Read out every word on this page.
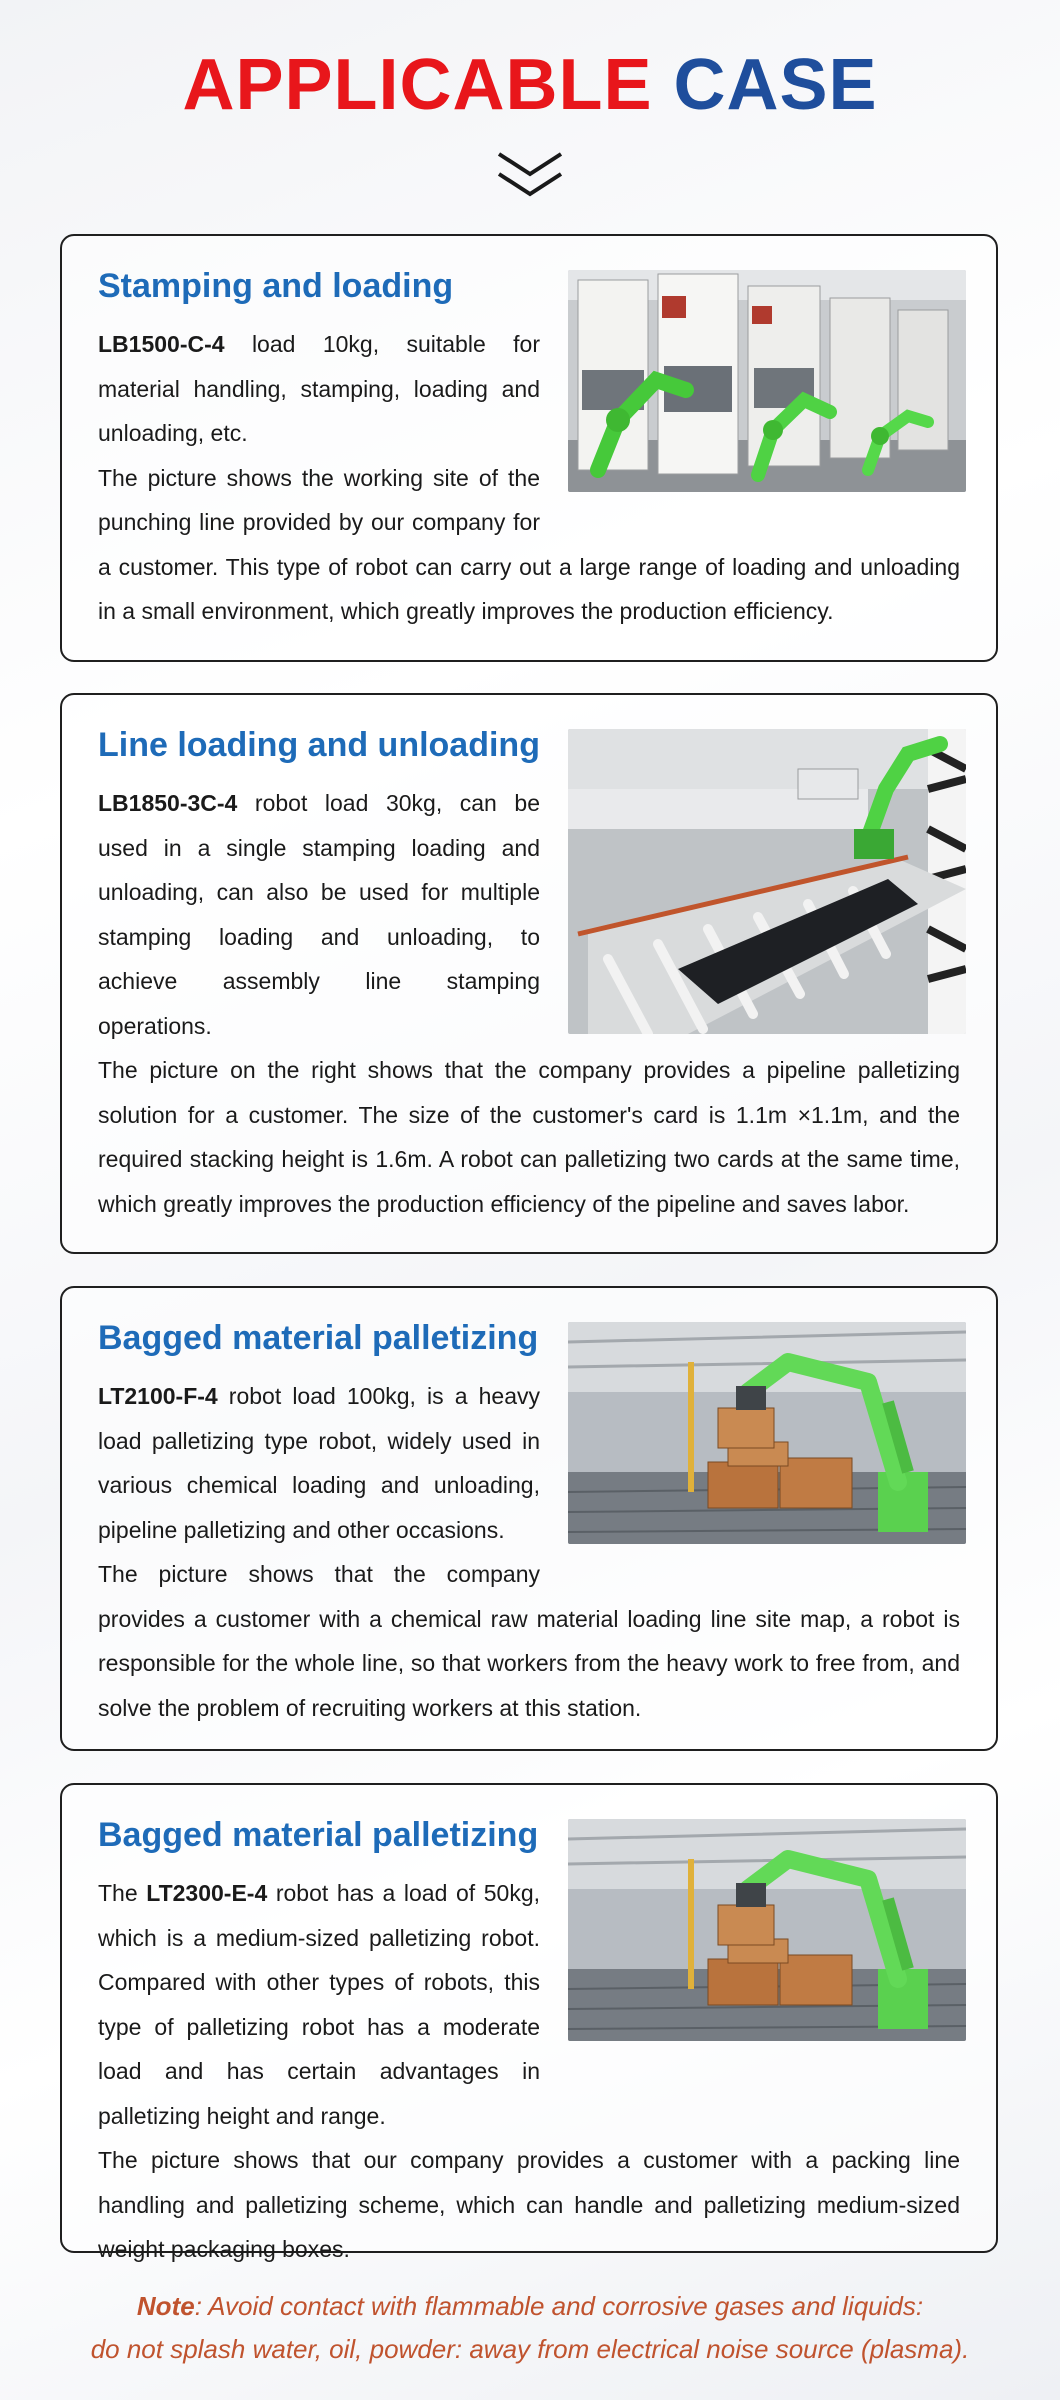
APPLICABLE CASE
Stamping and loading

LB1500-C-4 load 10kg, suitable for material handling, stamping, loading and unloading, etc.

The picture shows the working site of the punching line provided by our company for a customer. This type of robot can carry out a large range of loading and unloading in a small environment, which greatly improves the production efficiency.

Line loading and unloading

LB1850-3C-4 robot load 30kg, can be used in a single stamping loading and unloading, can also be used for multiple stamping loading and unloading, to achieve assembly line stamping operations.

The picture on the right shows that the company provides a pipeline palletizing solution for a customer. The size of the customer's card is 1.1m ×1.1m, and the required stacking height is 1.6m. A robot can palletizing two cards at the same time, which greatly improves the production efficiency of the pipeline and saves labor.

Bagged material palletizing

LT2100-F-4 robot load 100kg, is a heavy load palletizing type robot, widely used in various chemical loading and unloading, pipeline palletizing and other occasions.

The picture shows that the company provides a customer with a chemical raw material loading line site map, a robot is responsible for the whole line, so that workers from the heavy work to free from, and solve the problem of recruiting workers at this station.

Bagged material palletizing

The LT2300-E-4 robot has a load of 50kg, which is a medium-sized palletizing robot. Compared with other types of robots, this type of palletizing robot has a moderate load and has certain advantages in palletizing height and range.

The picture shows that our company provides a customer with a packing line handling and palletizing scheme, which can handle and palletizing medium-sized weight packaging boxes.

Note: Avoid contact with flammable and corrosive gases and liquids:
do not splash water, oil, powder: away from electrical noise source (plasma).
